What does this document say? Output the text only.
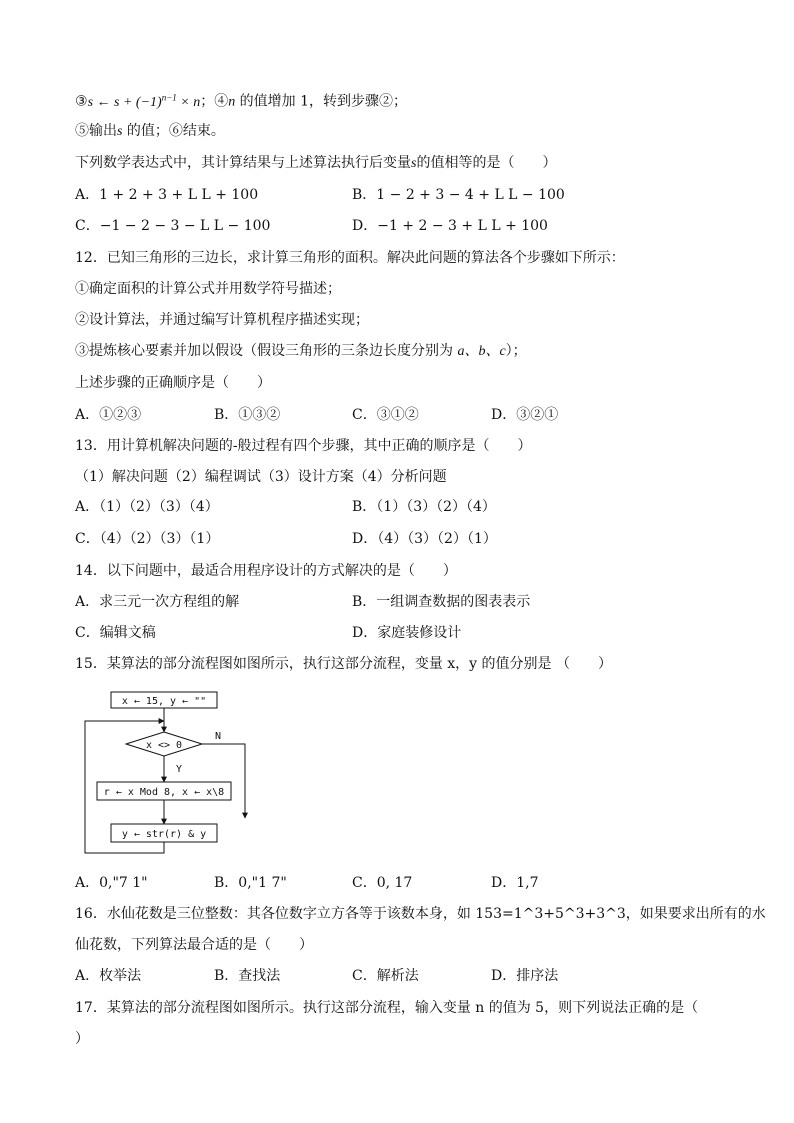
③s ← $s + (-1)^{n-1} \times n$；④n 的值增加 1，转到步骤②；
⑤输出s 的值；⑥结束。
下列数学表达式中，其计算结果与上述算法执行后变量s的值相等的是（　　）
A．1 + 2 + 3 + L L + 100	B．1 − 2 + 3 − 4 + L L − 100
C．−1 − 2 − 3 − L L − 100	D．−1 + 2 − 3 + L L + 100
12．已知三角形的三边长，求计算三角形的面积。解决此问题的算法各个步骤如下所示：
①确定面积的计算公式并用数学符号描述；
②设计算法，并通过编写计算机程序描述实现；
③提炼核心要素并加以假设（假设三角形的三条边长度分别为 a、b、c）；
上述步骤的正确顺序是（　　）
A．①②③	B．①③②	C．③①②	D．③②①
13．用计算机解决问题的-般过程有四个步骤，其中正确的顺序是（　　）
（1）解决问题（2）编程调试（3）设计方案（4）分析问题
A．（1）（2）（3）（4）	B．（1）（3）（2）（4）
C．（4）（2）（3）（1）	D．（4）（3）（2）（1）
14．以下问题中，最适合用程序设计的方式解决的是（　　）
A．求三元一次方程组的解	B．一组调查数据的图表表示
C．编辑文稿	D．家庭装修设计
15．某算法的部分流程图如图所示，执行这部分流程，变量 x，y 的值分别是 （　　）
x ← 15, y ← ""
x <> 0
Y
N
r ← x Mod 8, x ← x\8
y ← str(r) & y
A．0,"7 1"	B．0,"1 7"	C．0, 17	D．1,7
16．水仙花数是三位整数：其各位数字立方各等于该数本身，如 153=1^3+5^3+3^3，如果要求出所有的水
仙花数，下列算法最合适的是（　　）
A．枚举法	B．查找法	C．解析法	D．排序法
17．某算法的部分流程图如图所示。执行这部分流程，输入变量 n 的值为 5，则下列说法正确的是（
）
